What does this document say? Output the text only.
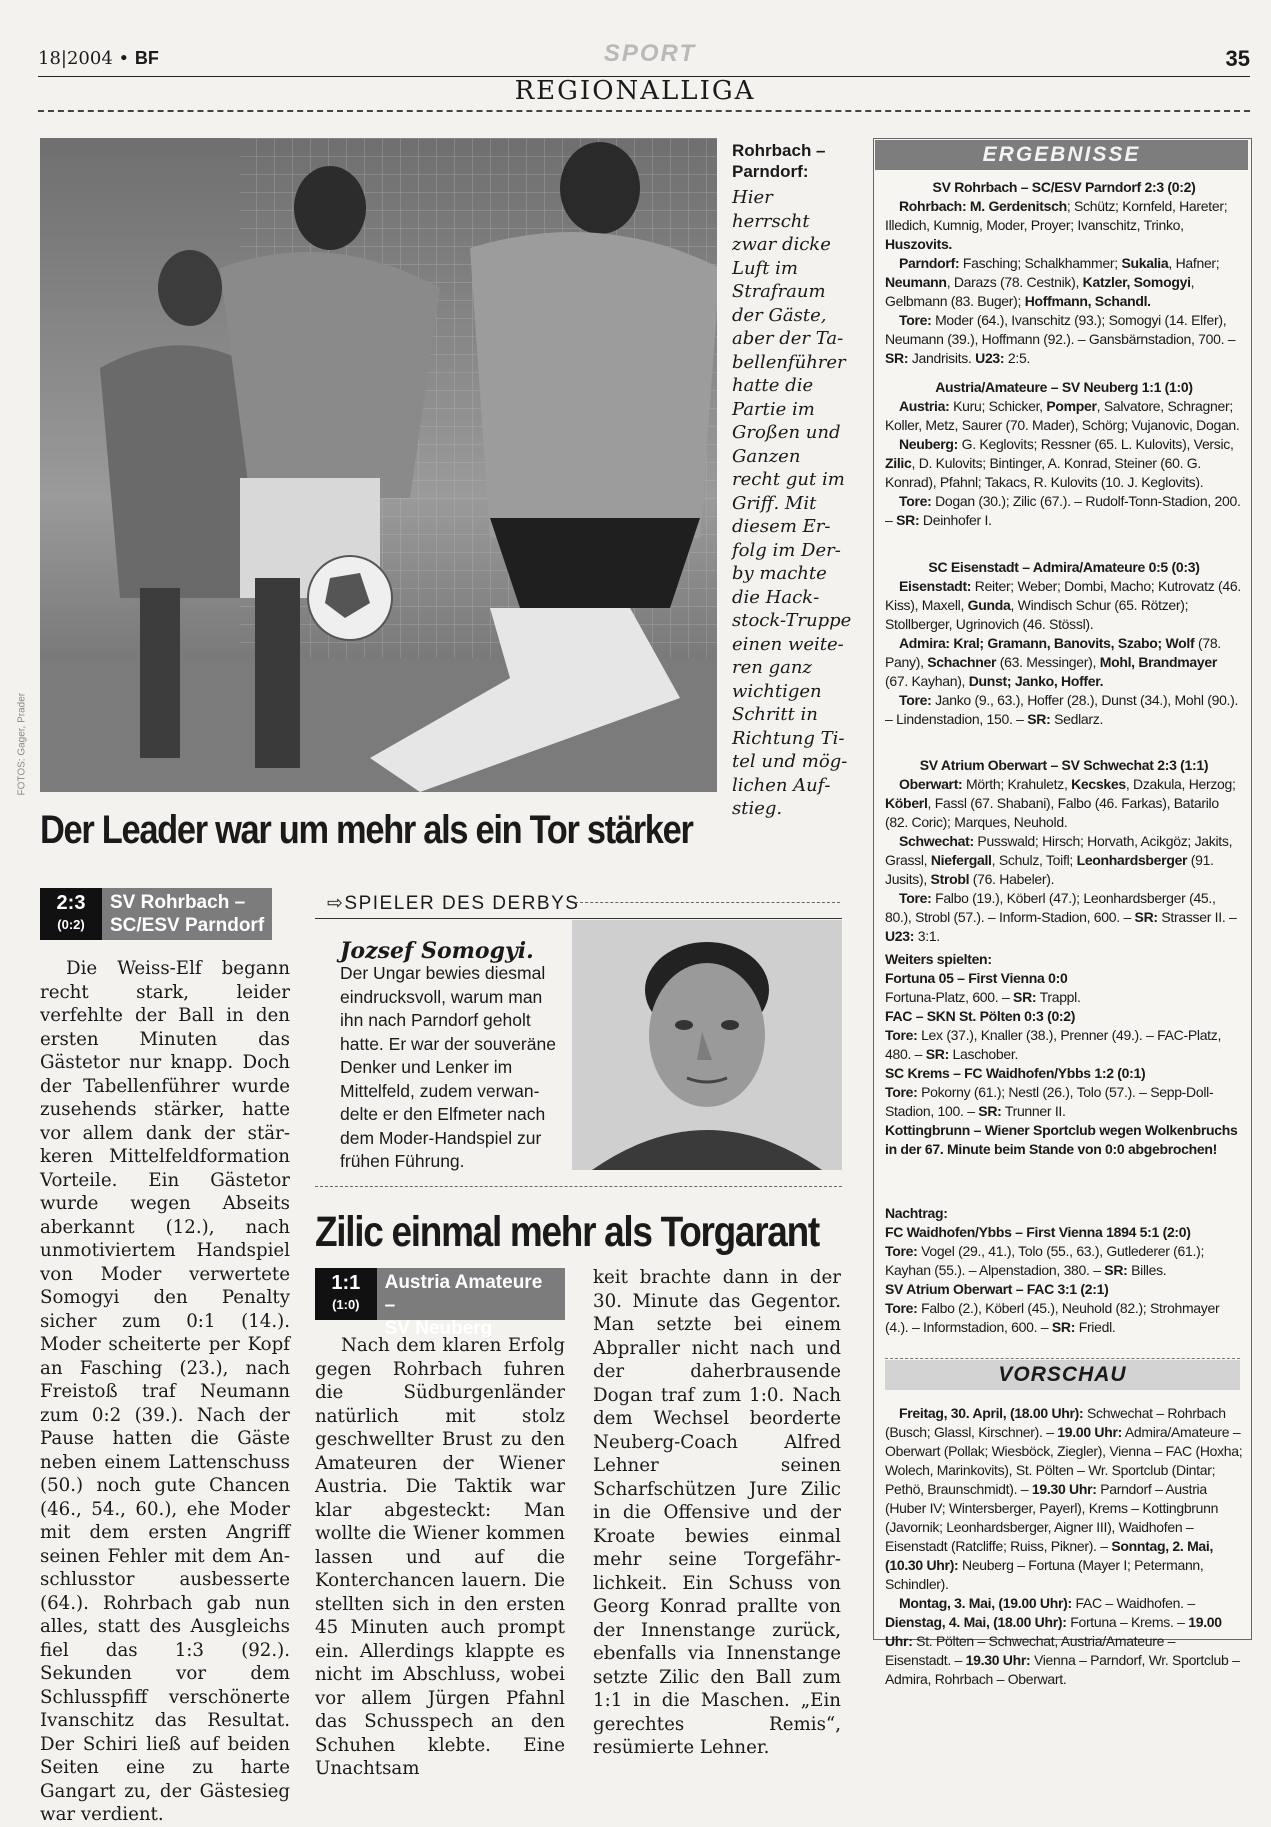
18|2004 • BF	SPORT	35
REGIONALLIGA
FOTOS: Gager, Prader
Rohrbach – Parndorf:
Hier herrscht zwar dicke Luft im Strafraum der Gäste, aber der Tabellenführer hatte die Partie im Großen und Ganzen recht gut im Griff. Mit diesem Erfolg im Derby machte die Hackstock-Truppe einen weiteren ganz wichtigen Schritt in Richtung Titel und möglichen Aufstieg.
Der Leader war um mehr als ein Tor stärker
2:3
(0:2)
SV Rohrbach –
SC/ESV Parndorf
Die Weiss-Elf begann recht stark, leider verfehlte der Ball in den ersten Minuten das Gästetor nur knapp. Doch der Tabellenführer wurde zusehends stärker, hatte vor allem dank der stärkeren Mittelfeldformation Vorteile. Ein Gästetor wurde wegen Abseits aberkannt (12.), nach unmotiviertem Handspiel von Moder verwertete Somogyi den Penalty sicher zum 0:1 (14.). Moder scheiterte per Kopf an Fasching (23.), nach Freistoß traf Neumann zum 0:2 (39.). Nach der Pause hatten die Gäste neben einem Lattenschuss (50.) noch gute Chancen (46., 54., 60.), ehe Moder mit dem ersten Angriff seinen Fehler mit dem Anschlusstor ausbesserte (64.). Rohrbach gab nun alles, statt des Ausgleichs fiel das 1:3 (92.). Sekunden vor dem Schlusspfiff verschönerte Ivanschitz das Resultat. Der Schiri ließ auf beiden Seiten eine zu harte Gangart zu, der Gästesieg war verdient.
⇨SPIELER DES DERBYS
Jozsef Somogyi.
Der Ungar bewies diesmal eindrucksvoll, warum man ihn nach Parndorf geholt hatte. Er war der souveräne Denker und Lenker im Mittelfeld, zudem verwandelte er den Elfmeter nach dem Moder-Handspiel zur frühen Führung.
Zilic einmal mehr als Torgarant
1:1
(1:0)
Austria Amateure –
SV Neuberg
Nach dem klaren Erfolg gegen Rohrbach fuhren die Südburgenländer natürlich mit stolz geschwellter Brust zu den Amateuren der Wiener Austria. Die Taktik war klar abgesteckt: Man wollte die Wiener kommen lassen und auf die Konterchancen lauern. Die stellten sich in den ersten 45 Minuten auch prompt ein. Allerdings klappte es nicht im Abschluss, wobei vor allem Jürgen Pfahnl das Schusspech an den Schuhen klebte. Eine Unachtsam
keit brachte dann in der 30. Minute das Gegentor. Man setzte bei einem Abpraller nicht nach und der daherbrausende Dogan traf zum 1:0. Nach dem Wechsel beorderte Neuberg-Coach Alfred Lehner seinen Scharfschützen Jure Zilic in die Offensive und der Kroate bewies einmal mehr seine Torgefährlichkeit. Ein Schuss von Georg Konrad prallte von der Innenstange zurück, ebenfalls via Innenstange setzte Zilic den Ball zum 1:1 in die Maschen. „Ein gerechtes Remis“, resümierte Lehner.
ERGEBNISSE
SV Rohrbach – SC/ESV Parndorf 2:3 (0:2)

Rohrbach: M. Gerdenitsch; Schütz; Kornfeld, Hareter; Illedich, Kumnig, Moder, Proyer; Ivanschitz, Trinko, Huszovits.

Parndorf: Fasching; Schalkhammer; Sukalia, Hafner; Neumann, Darazs (78. Cestnik), Katzler, Somogyi, Gelbmann (83. Buger); Hoffmann, Schandl.

Tore: Moder (64.), Ivanschitz (93.); Somogyi (14. Elfer), Neumann (39.), Hoffmann (92.). – Gansbärnstadion, 700. – SR: Jandrisits. U23: 2:5.

Austria/Amateure – SV Neuberg 1:1 (1:0)

Austria: Kuru; Schicker, Pomper, Salvatore, Schragner; Koller, Metz, Saurer (70. Mader), Schörg; Vujanovic, Dogan.

Neuberg: G. Keglovits; Ressner (65. L. Kulovits), Versic, Zilic, D. Kulovits; Bintinger, A. Konrad, Steiner (60. G. Konrad), Pfahnl; Takacs, R. Kulovits (10. J. Keglovits).

Tore: Dogan (30.); Zilic (67.). – Rudolf-Tonn-Stadion, 200. – SR: Deinhofer I.

SC Eisenstadt – Admira/Amateure 0:5 (0:3)

Eisenstadt: Reiter; Weber; Dombi, Macho; Kutrovatz (46. Kiss), Maxell, Gunda, Windisch Schur (65. Rötzer); Stollberger, Ugrinovich (46. Stössl).

Admira: Kral; Gramann, Banovits, Szabo; Wolf (78. Pany), Schachner (63. Messinger), Mohl, Brandmayer (67. Kayhan), Dunst; Janko, Hoffer.

Tore: Janko (9., 63.), Hoffer (28.), Dunst (34.), Mohl (90.). – Lindenstadion, 150. – SR: Sedlarz.

SV Atrium Oberwart – SV Schwechat 2:3 (1:1)

Oberwart: Mörth; Krahuletz, Kecskes, Dzakula, Herzog; Köberl, Fassl (67. Shabani), Falbo (46. Farkas), Batarilo (82. Coric); Marques, Neuhold.

Schwechat: Pusswald; Hirsch; Horvath, Acikgöz; Jakits, Grassl, Niefergall, Schulz, Toifl; Leonhardsberger (91. Jusits), Strobl (76. Habeler).

Tore: Falbo (19.), Köberl (47.); Leonhardsberger (45., 80.), Strobl (57.). – Inform-Stadion, 600. – SR: Strasser II. – U23: 3:1.

Weiters spielten:
Fortuna 05 – First Vienna 0:0
Fortuna-Platz, 600. – SR: Trappl.
FAC – SKN St. Pölten 0:3 (0:2)
Tore: Lex (37.), Knaller (38.), Prenner (49.). – FAC-Platz, 480. – SR: Laschober.
SC Krems – FC Waidhofen/Ybbs 1:2 (0:1)
Tore: Pokorny (61.); Nestl (26.), Tolo (57.). – Sepp-Doll-Stadion, 100. – SR: Trunner II.
Kottingbrunn – Wiener Sportclub wegen Wolkenbruchs in der 67. Minute beim Stande von 0:0 abgebrochen!
Nachtrag:
FC Waidhofen/Ybbs – First Vienna 1894 5:1 (2:0)
Tore: Vogel (29., 41.), Tolo (55., 63.), Gutlederer (61.); Kayhan (55.). – Alpenstadion, 380. – SR: Billes.
SV Atrium Oberwart – FAC 3:1 (2:1)
Tore: Falbo (2.), Köberl (45.), Neuhold (82.); Strohmayer (4.). – Informstadion, 600. – SR: Friedl.
VORSCHAU

Freitag, 30. April, (18.00 Uhr): Schwechat – Rohrbach (Busch; Glassl, Kirschner). – 19.00 Uhr: Admira/Amateure – Oberwart (Pollak; Wiesböck, Ziegler), Vienna – FAC (Hoxha; Wolech, Marinkovits), St. Pölten – Wr. Sportclub (Dintar; Pethö, Braunschmidt). – 19.30 Uhr: Parndorf – Austria (Huber IV; Wintersberger, Payerl), Krems – Kottingbrunn (Javornik; Leonhardsberger, Aigner III), Waidhofen – Eisenstadt (Ratcliffe; Ruiss, Pikner). – Sonntag, 2. Mai, (10.30 Uhr): Neuberg – Fortuna (Mayer I; Petermann, Schindler).

Montag, 3. Mai, (19.00 Uhr): FAC – Waidhofen. – Dienstag, 4. Mai, (18.00 Uhr): Fortuna – Krems. – 19.00 Uhr: St. Pölten – Schwechat, Austria/Amateure – Eisenstadt. – 19.30 Uhr: Vienna – Parndorf, Wr. Sportclub – Admira, Rohrbach – Oberwart.
